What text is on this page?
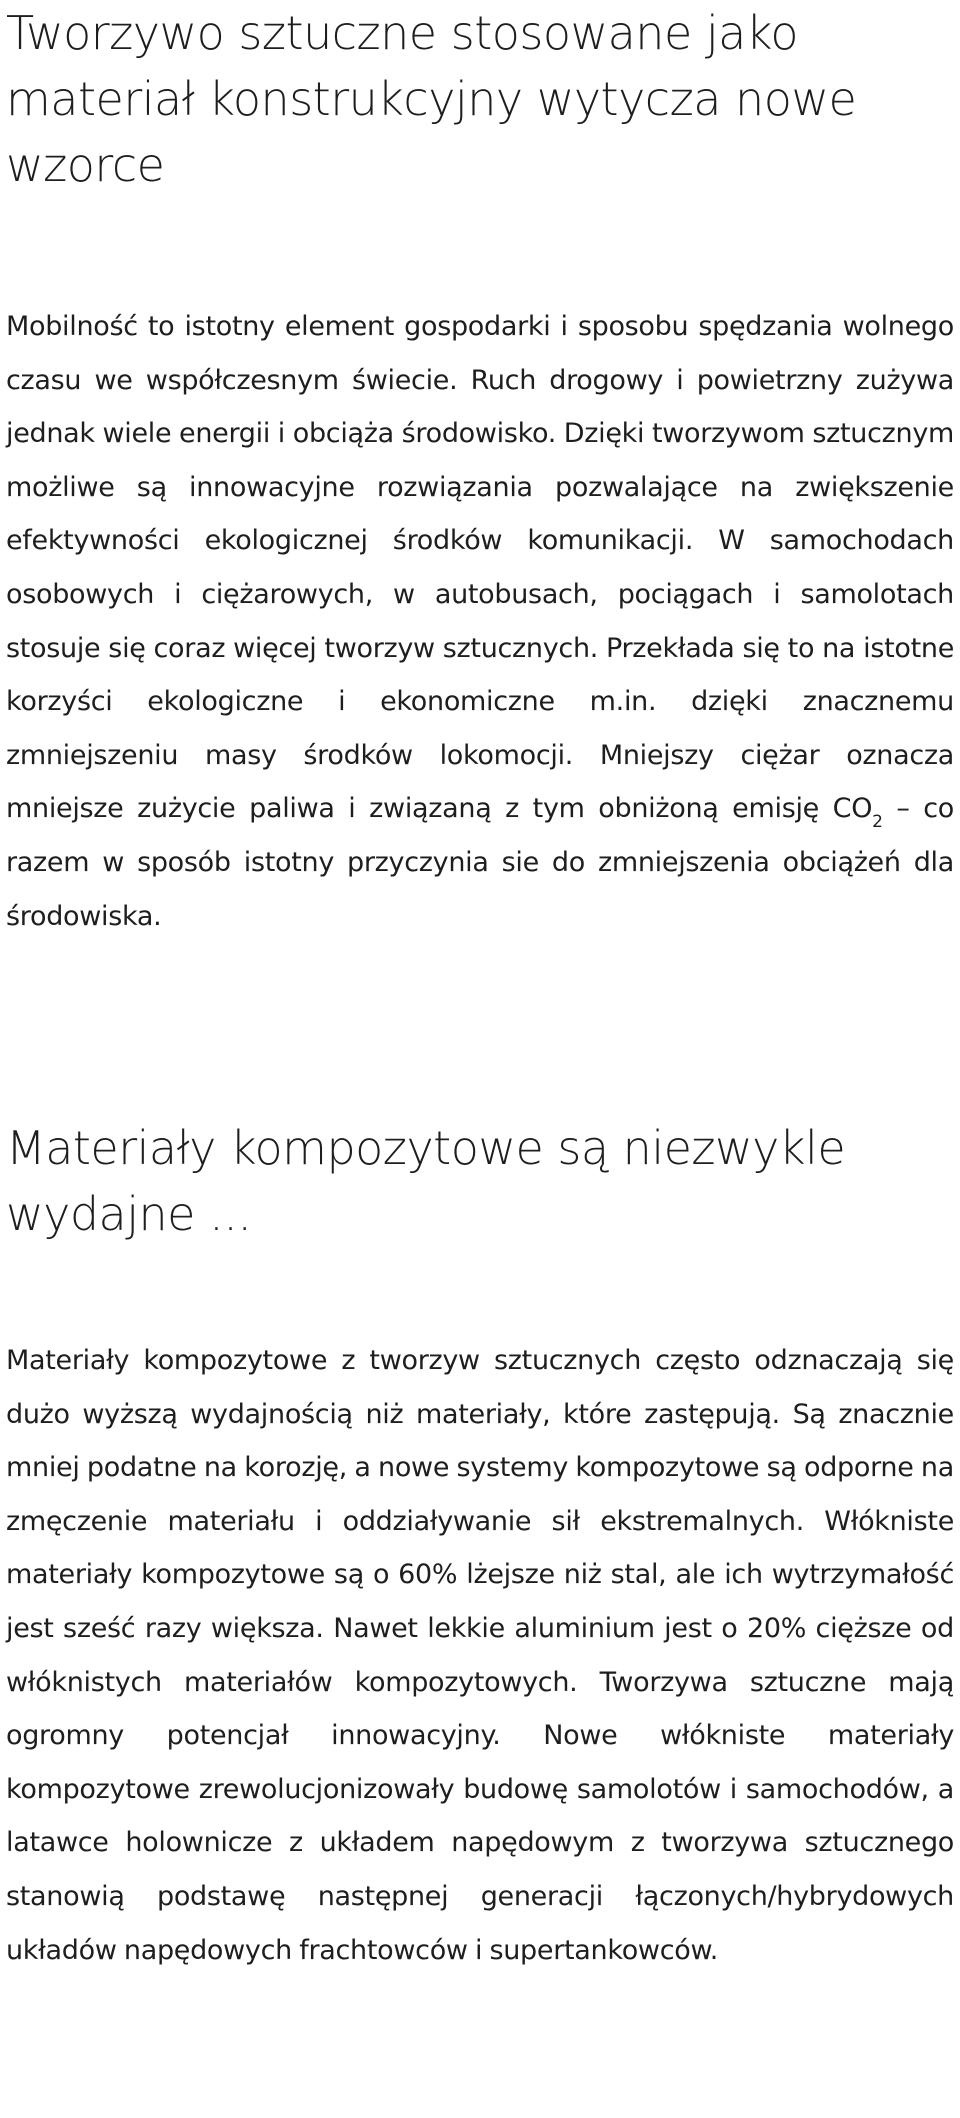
Tworzywo sztuczne stosowane jako materiał konstrukcyjny wytycza nowe wzorce

Mobilność to istotny element gospodarki i sposobu spędzania wolnego czasu we współczesnym świecie. Ruch drogowy i powietrzny zużywa jednak wiele energii i obciąża środowisko. Dzięki tworzywom sztucznym możliwe są innowacyjne rozwiązania pozwalające na zwiększenie efektywności ekologicznej środków komunikacji. W samochodach osobowych i ciężarowych, w autobusach, pociągach i samolotach stosuje się coraz więcej tworzyw sztucznych. Przekłada się to na istotne korzyści ekologiczne i ekonomiczne m.in. dzięki znacznemu zmniejszeniu masy środków lokomocji. Mniejszy ciężar oznacza mniejsze zużycie paliwa i związaną z tym obniżoną emisję $CO_2$ – co razem w sposób istotny przyczynia sie do zmniejszenia obciążeń dla środowiska.

Materiały kompozytowe są niezwykle wydajne ...

Materiały kompozytowe z tworzyw sztucznych często odznaczają się dużo wyższą wydajnością niż materiały, które zastępują. Są znacznie mniej podatne na korozję, a nowe systemy kompozytowe są odporne na zmęczenie materiału i oddziaływanie sił ekstremalnych. Włókniste materiały kompozytowe są o 60% lżejsze niż stal, ale ich wytrzymałość jest sześć razy większa. Nawet lekkie aluminium jest o 20% cięższe od włóknistych materiałów kompozytowych. Tworzywa sztuczne mają ogromny potencjał innowacyjny. Nowe włókniste materiały kompozytowe zrewolucjonizowały budowę samolotów i samochodów, a latawce holownicze z układem napędowym z tworzywa sztucznego stanowią podstawę następnej generacji łączonych/hybrydowych układów napędowych frachtowców i supertankowców.
